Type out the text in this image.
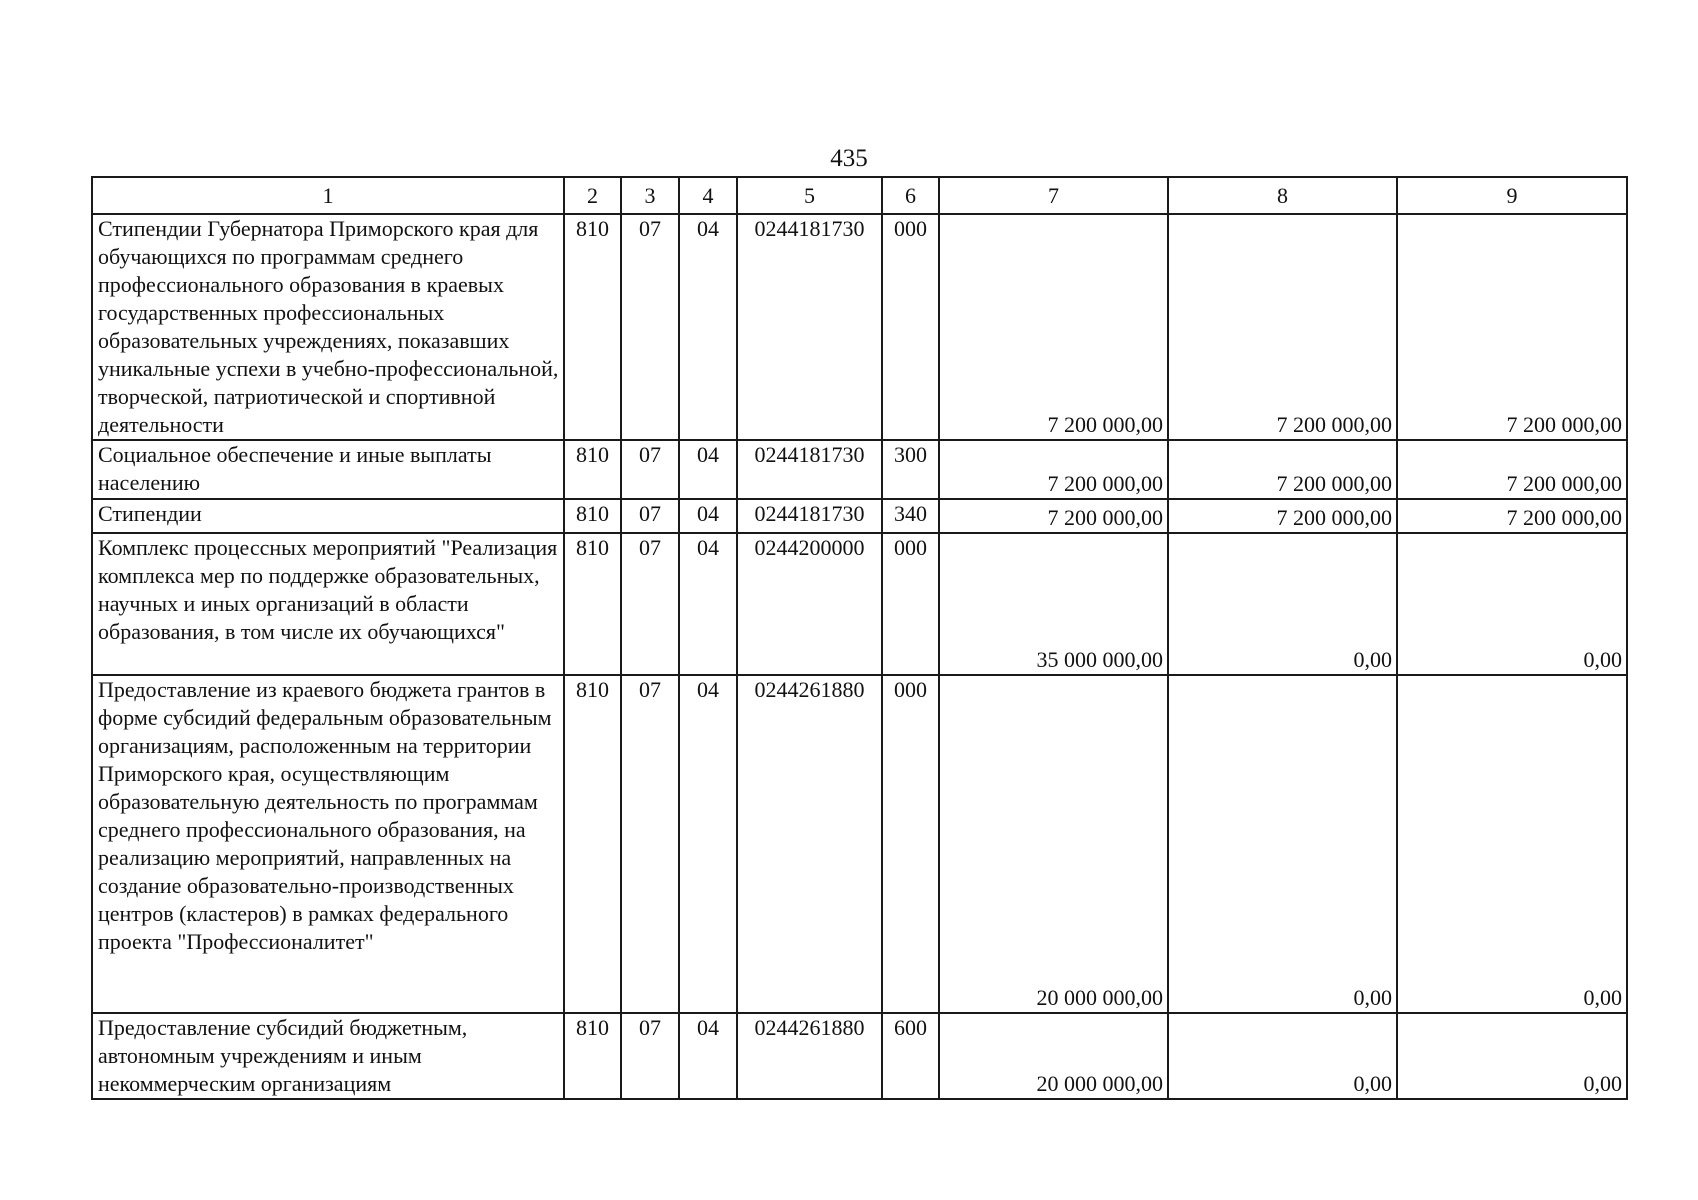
435
1	2	3	4	5	6	7	8	9
Стипендии Губернатора Приморского края для обучающихся по программам среднего профессионального образования в краевых государственных профессиональных образовательных учреждениях, показавших уникальные успехи в учебно-профессиональной, творческой, патриотической и спортивной деятельности	810	07	04	0244181730	000	7 200 000,00	7 200 000,00	7 200 000,00
Социальное обеспечение и иные выплаты населению	810	07	04	0244181730	300	7 200 000,00	7 200 000,00	7 200 000,00
Стипендии	810	07	04	0244181730	340	7 200 000,00	7 200 000,00	7 200 000,00
Комплекс процессных мероприятий "Реализация комплекса мер по поддержке образовательных, научных и иных организаций в области образования, в том числе их обучающихся"	810	07	04	0244200000	000	35 000 000,00	0,00	0,00
Предоставление из краевого бюджета грантов в форме субсидий федеральным образовательным организациям, расположенным на территории Приморского края, осуществляющим образовательную деятельность по программам среднего профессионального образования, на реализацию мероприятий, направленных на создание образовательно-производственных центров (кластеров) в рамках федерального проекта "Профессионалитет"	810	07	04	0244261880	000	20 000 000,00	0,00	0,00
Предоставление субсидий бюджетным, автономным учреждениям и иным некоммерческим организациям	810	07	04	0244261880	600	20 000 000,00	0,00	0,00
